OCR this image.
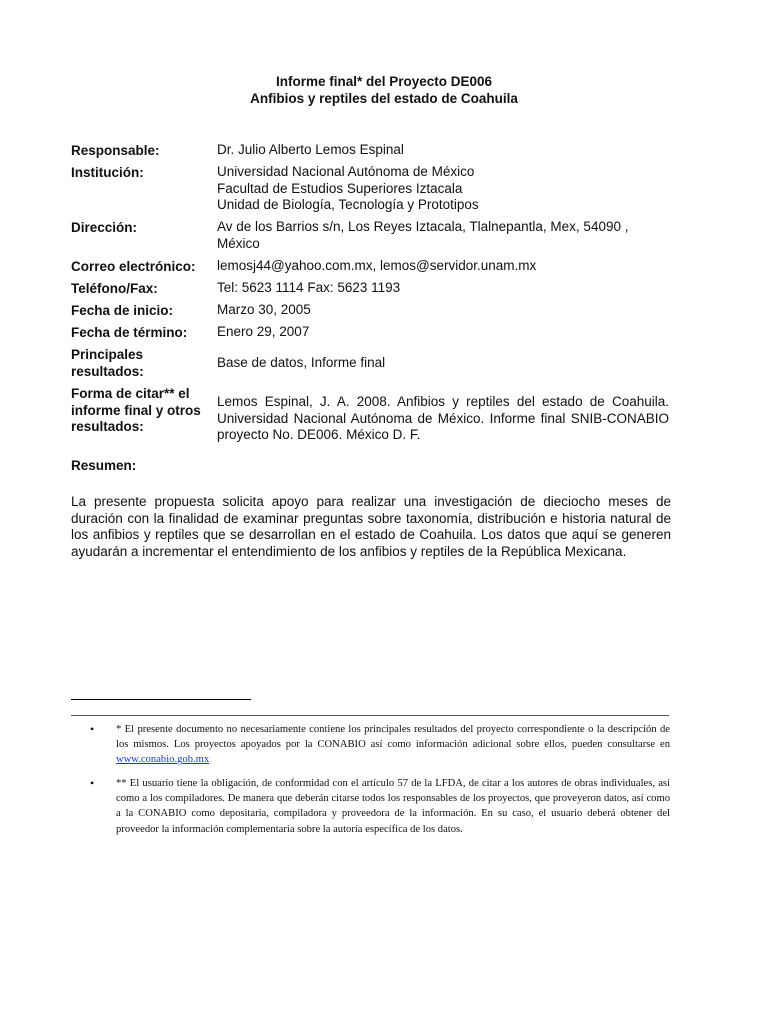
Informe final* del Proyecto DE006
Anfibios y reptiles del estado de Coahuila
Responsable:	Dr. Julio Alberto Lemos Espinal
Institución:	Universidad Nacional Autónoma de México
Facultad de Estudios Superiores Iztacala
Unidad de Biología, Tecnología y Prototipos
Dirección:	Av de los Barrios s/n, Los Reyes Iztacala, Tlalnepantla, Mex, 54090 , México
Correo electrónico:	lemosj44@yahoo.com.mx, lemos@servidor.unam.mx
Teléfono/Fax:	Tel: 5623 1114 Fax: 5623 1193
Fecha de inicio:	Marzo 30, 2005
Fecha de término:	Enero 29, 2007
Principales resultados:
Base de datos, Informe final
Forma de citar** el informe final y otros resultados:
Lemos Espinal, J. A. 2008. Anfibios y reptiles del estado de Coahuila. Universidad Nacional Autónoma de México. Informe final SNIB-CONABIO proyecto No. DE006. México D. F.
Resumen:

La presente propuesta solicita apoyo para realizar una investigación de dieciocho meses de duración con la finalidad de examinar preguntas sobre taxonomía, distribución e historia natural de los anfibios y reptiles que se desarrollan en el estado de Coahuila. Los datos que aquí se generen ayudarán a incrementar el entendimiento de los anfibios y reptiles de la República Mexicana.

• * El presente documento no necesariamente contiene los principales resultados del proyecto correspondiente o la descripción de los mismos. Los proyectos apoyados por la CONABIO así como información adicional sobre ellos, pueden consultarse en www.conabio.gob.mx
• ** El usuario tiene la obligación, de conformidad con el artículo 57 de la LFDA, de citar a los autores de obras individuales, así como a los compiladores. De manera que deberán citarse todos los responsables de los proyectos, que proveyeron datos, así como a la CONABIO como depositaria, compiladora y proveedora de la información. En su caso, el usuario deberá obtener del proveedor la información complementaria sobre la autoría específica de los datos.
